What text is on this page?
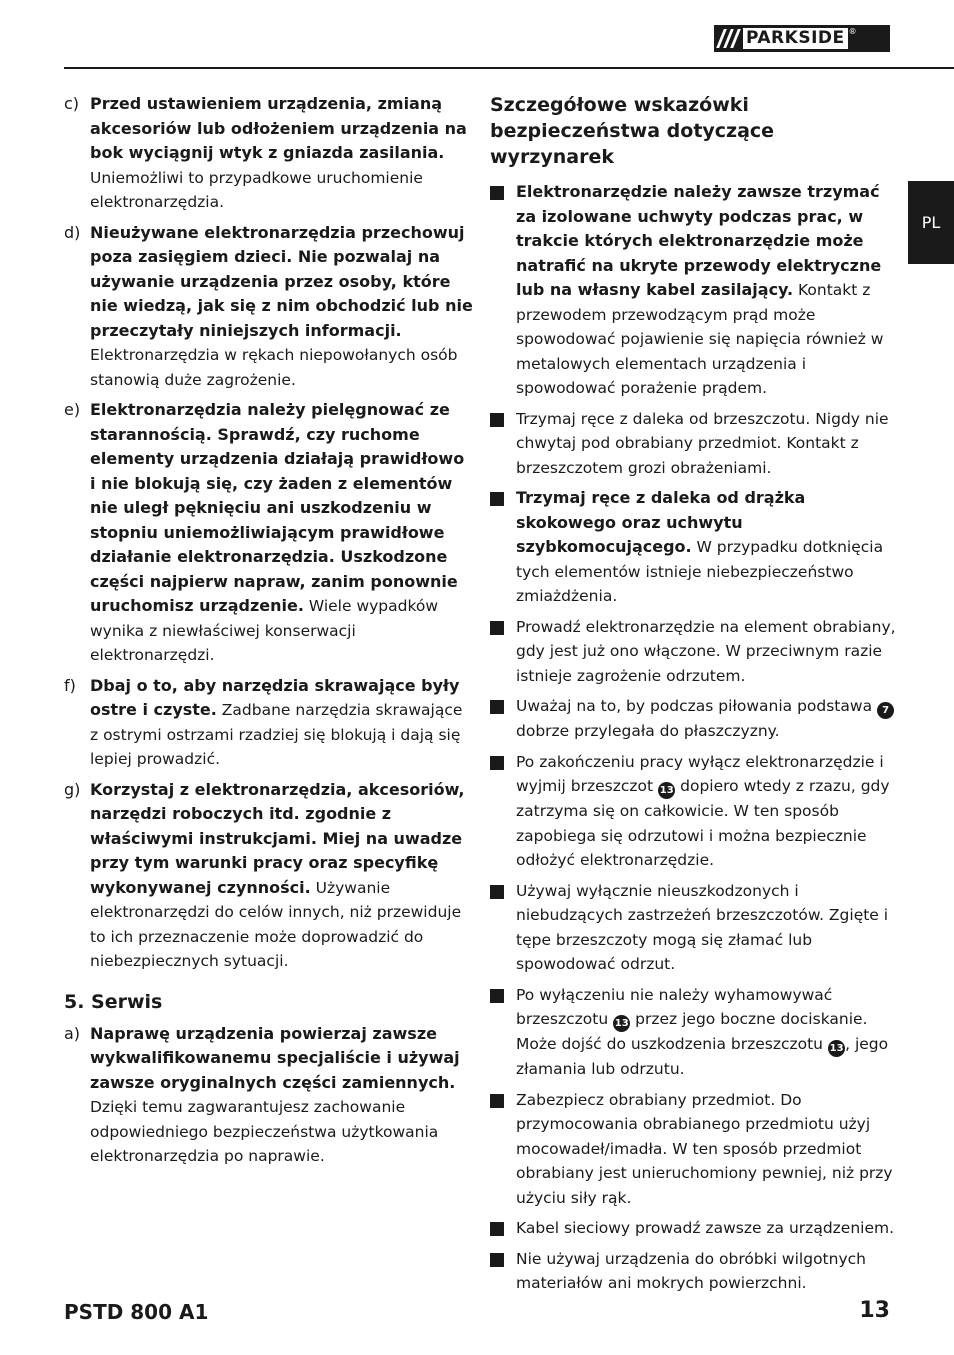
PARKSIDE ®
PL
c) Przed ustawieniem urządzenia, zmianą akcesoriów lub odłożeniem urządzenia na bok wyciągnij wtyk z gniazda zasilania. Uniemożliwi to przypadkowe uruchomienie elektronarzędzia.
d) Nieużywane elektronarzędzia przechowuj poza zasięgiem dzieci. Nie pozwalaj na używanie urządzenia przez osoby, które nie wiedzą, jak się z nim obchodzić lub nie przeczytały niniejszych informacji. Elektronarzędzia w rękach niepowołanych osób stanowią duże zagrożenie.
e) Elektronarzędzia należy pielęgnować ze starannością. Sprawdź, czy ruchome elementy urządzenia działają prawidłowo i nie blokują się, czy żaden z elementów nie uległ pęknięciu ani uszkodzeniu w stopniu uniemożliwiającym prawidłowe działanie elektronarzędzia. Uszkodzone części najpierw napraw, zanim ponownie uruchomisz urządzenie. Wiele wypadków wynika z niewłaściwej konserwacji elektronarzędzi.
f) Dbaj o to, aby narzędzia skrawające były ostre i czyste. Zadbane narzędzia skrawające z ostrymi ostrzami rzadziej się blokują i dają się lepiej prowadzić.
g) Korzystaj z elektronarzędzia, akcesoriów, narzędzi roboczych itd. zgodnie z właściwymi instrukcjami. Miej na uwadze przy tym warunki pracy oraz specyfikę wykonywanej czynności. Używanie elektronarzędzi do celów innych, niż przewiduje to ich przeznaczenie może doprowadzić do niebezpiecznych sytuacji.
5. Serwis
a) Naprawę urządzenia powierzaj zawsze wykwalifikowanemu specjaliście i używaj zawsze oryginalnych części zamiennych. Dzięki temu zagwarantujesz zachowanie odpowiedniego bezpieczeństwa użytkowania elektronarzędzia po naprawie.
Szczegółowe wskazówki bezpieczeństwa dotyczące wyrzynarek
Elektronarzędzie należy zawsze trzymać za izolowane uchwyty podczas prac, w trakcie których elektronarzędzie może natrafić na ukryte przewody elektryczne lub na własny kabel zasilający. Kontakt z przewodem przewodzącym prąd może spowodować pojawienie się napięcia również w metalowych elementach urządzenia i spowodować porażenie prądem.
Trzymaj ręce z daleka od brzeszczotu. Nigdy nie chwytaj pod obrabiany przedmiot. Kontakt z brzeszczotem grozi obrażeniami.
Trzymaj ręce z daleka od drążka skokowego oraz uchwytu szybkomocującego. W przypadku dotknięcia tych elementów istnieje niebezpieczeństwo zmiażdżenia.
Prowadź elektronarzędzie na element obrabiany, gdy jest już ono włączone. W przeciwnym razie istnieje zagrożenie odrzutem.
Uważaj na to, by podczas piłowania podstawa 7 dobrze przylegała do płaszczyzny.
Po zakończeniu pracy wyłącz elektronarzędzie i wyjmij brzeszczot 13 dopiero wtedy z rzazu, gdy zatrzyma się on całkowicie. W ten sposób zapobiega się odrzutowi i można bezpiecznie odłożyć elektronarzędzie.
Używaj wyłącznie nieuszkodzonych i niebudzących zastrzeżeń brzeszczotów. Zgięte i tępe brzeszczoty mogą się złamać lub spowodować odrzut.
Po wyłączeniu nie należy wyhamowywać brzeszczotu 13 przez jego boczne dociskanie. Może dojść do uszkodzenia brzeszczotu 13, jego złamania lub odrzutu.
Zabezpiecz obrabiany przedmiot. Do przymocowania obrabianego przedmiotu użyj mocowadeł/imadła. W ten sposób przedmiot obrabiany jest unieruchomiony pewniej, niż przy użyciu siły rąk.
Kabel sieciowy prowadź zawsze za urządzeniem.
Nie używaj urządzenia do obróbki wilgotnych materiałów ani mokrych powierzchni.
PSTD 800 A1	13
